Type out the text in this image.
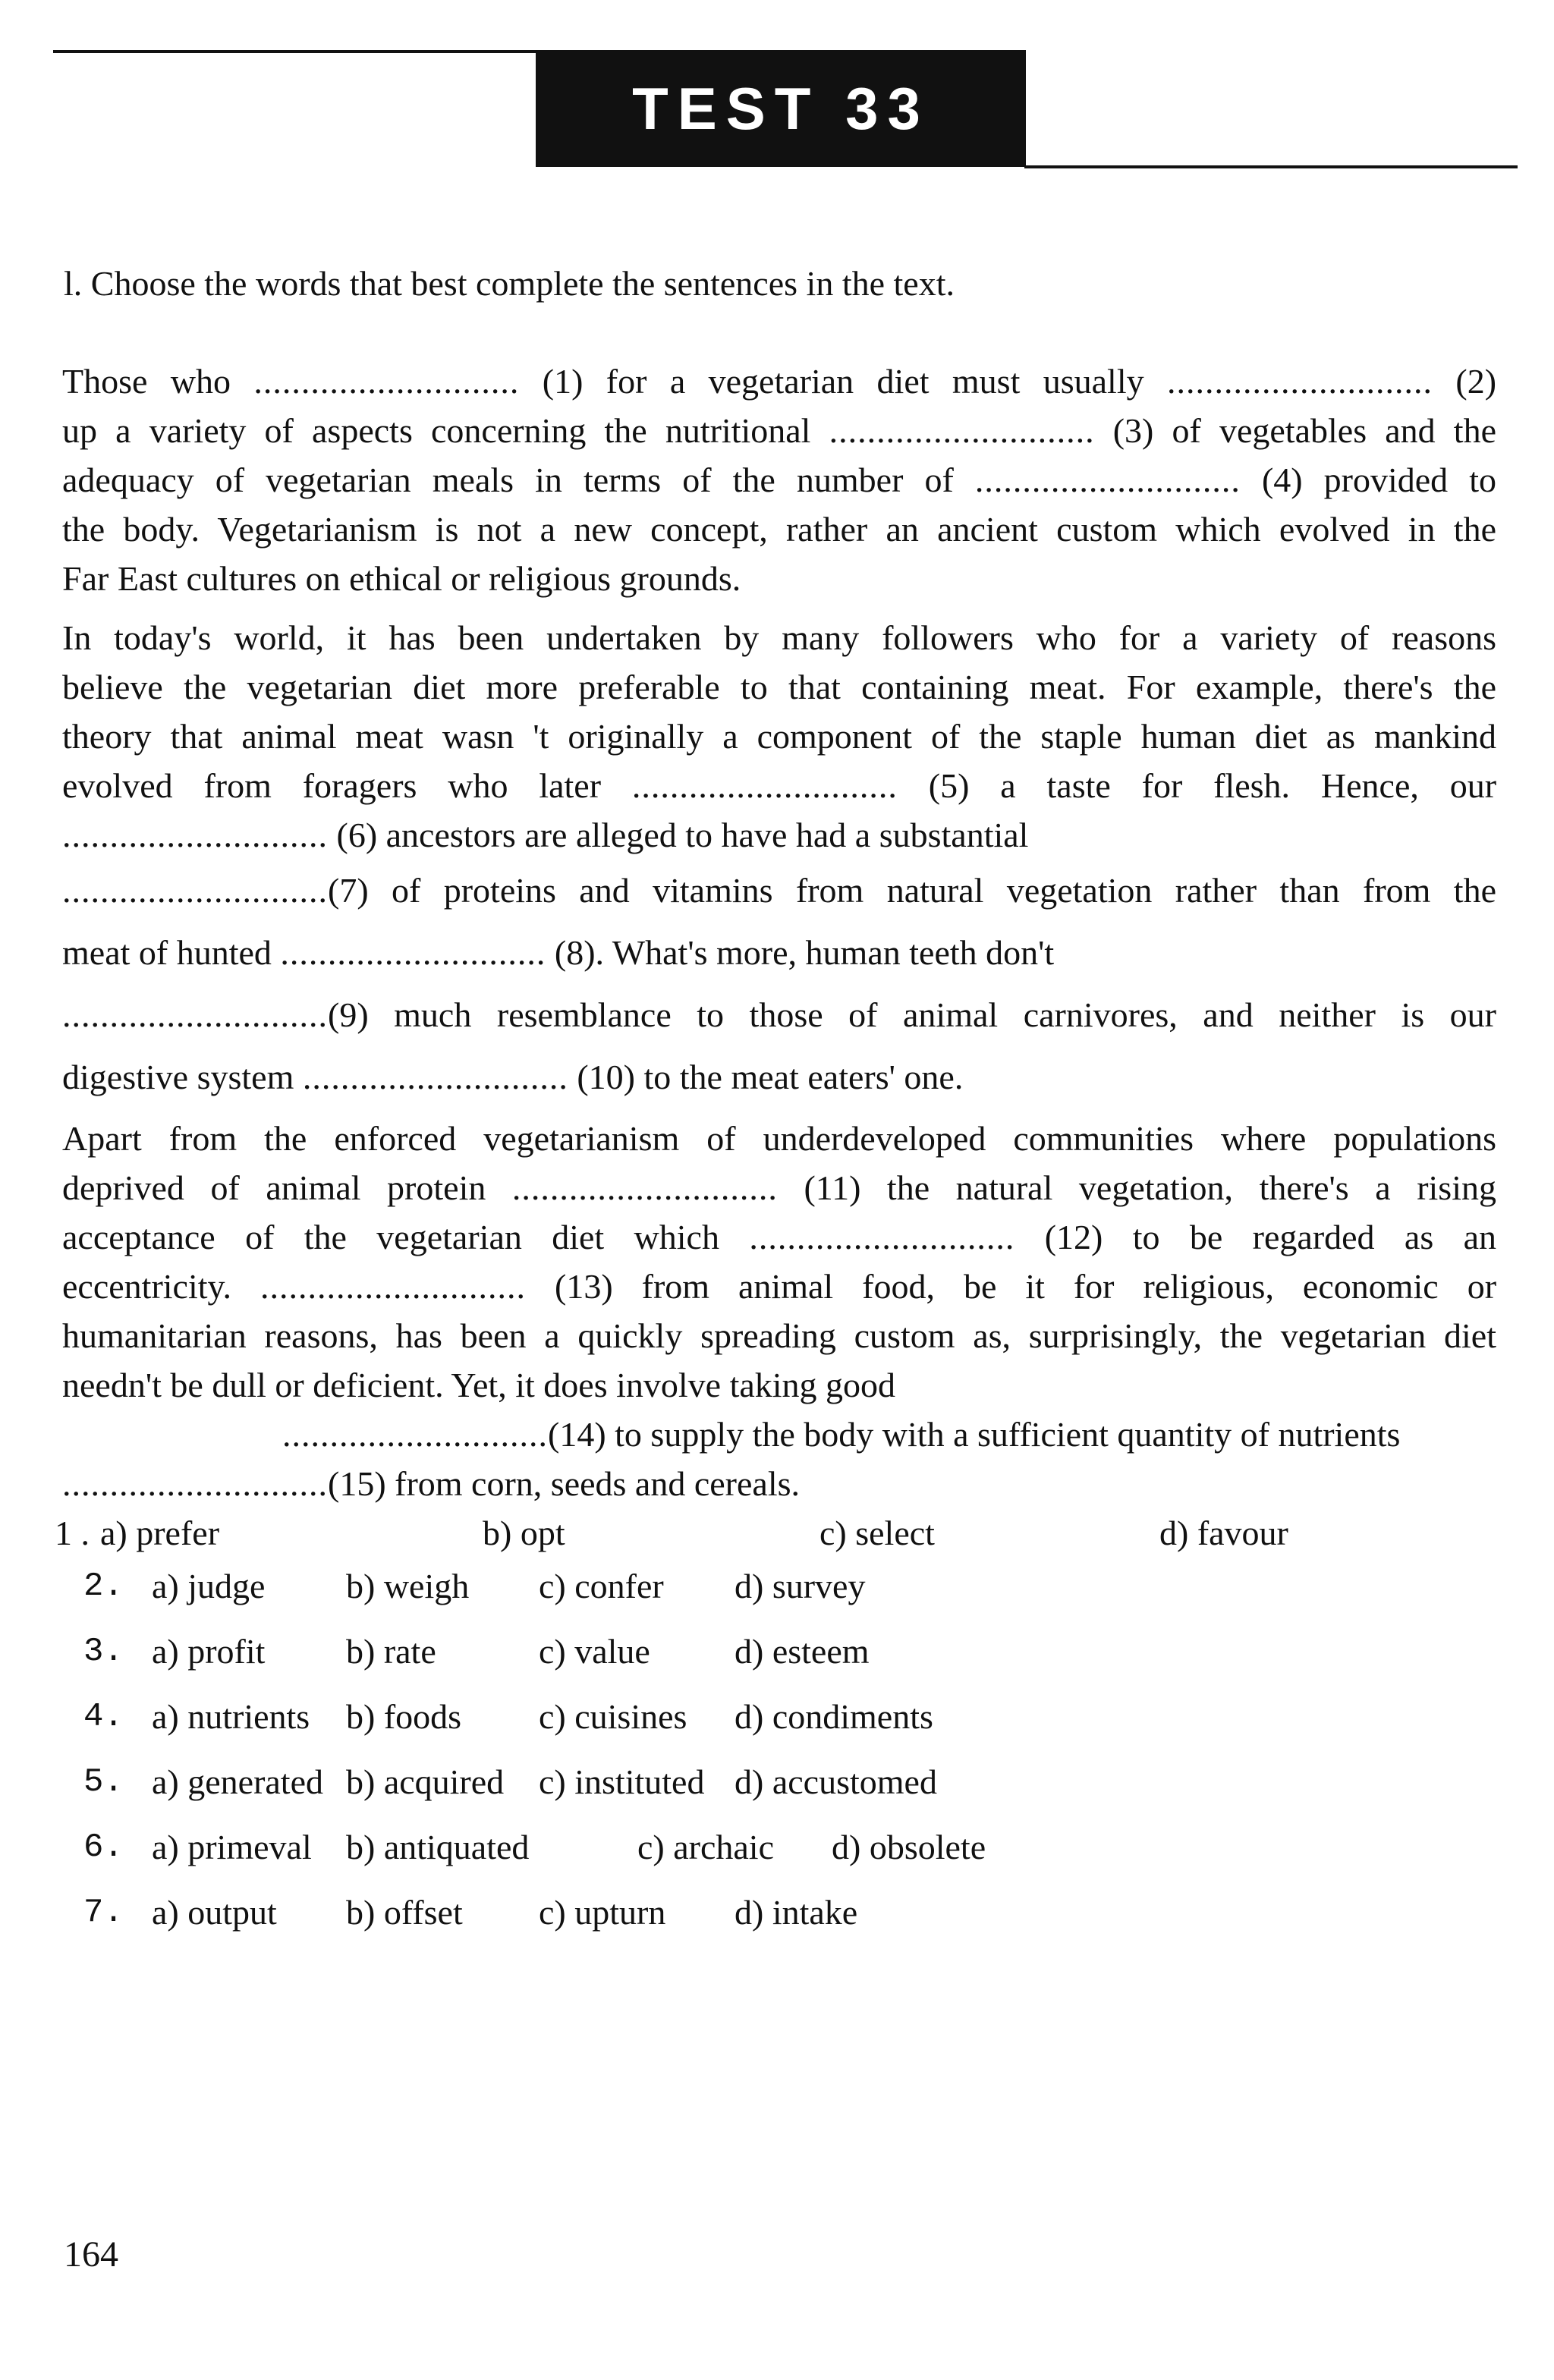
TEST 33
l. Choose the words that best complete the sentences in the text.
Those who ............................ (1) for a vegetarian diet must usually ............................ (2)
up a variety of aspects concerning the nutritional ............................ (3) of vegetables and the
adequacy of vegetarian meals in terms of the number of ............................ (4) provided to
the body. Vegetarianism is not a new concept, rather an ancient custom which evolved in the
Far East cultures on ethical or religious grounds.
In today's world, it has been undertaken by many followers who for a variety of reasons
believe the vegetarian diet more preferable to that containing meat. For example, there's the
theory that animal meat wasn 't originally a component of the staple human diet as mankind
evolved from foragers who later ............................ (5) a taste for flesh. Hence, our
............................ (6) ancestors are alleged to have had a substantial
............................(7) of proteins and vitamins from natural vegetation rather than from the
meat of hunted ............................ (8). What's more, human teeth don't
............................(9) much resemblance to those of animal carnivores, and neither is our
digestive system ............................ (10) to the meat eaters' one.
Apart from the enforced vegetarianism of underdeveloped communities where populations
deprived of animal protein ............................ (11) the natural vegetation, there's a rising
acceptance of the vegetarian diet which ............................ (12) to be regarded as an
eccentricity. ............................ (13) from animal food, be it for religious, economic or
humanitarian reasons, has been a quickly spreading custom as, surprisingly, the vegetarian diet
needn't be dull or deficient. Yet, it does involve taking good
............................(14) to supply the body with a sufficient quantity of nutrients
............................(15) from corn, seeds and cereals.
1 . a) prefer	b) opt	c) select	d) favour
2. a) judge b) weigh c) confer d) survey
3. a) profit b) rate	c) value d) esteem
4. a) nutrients b) foods c) cuisines d) condiments
5. a) generated b) acquired c) instituted d) accustomed
6. a) primeval b) antiquated	c) archaic d) obsolete
7. a) output b) offset c) upturn d) intake
164
